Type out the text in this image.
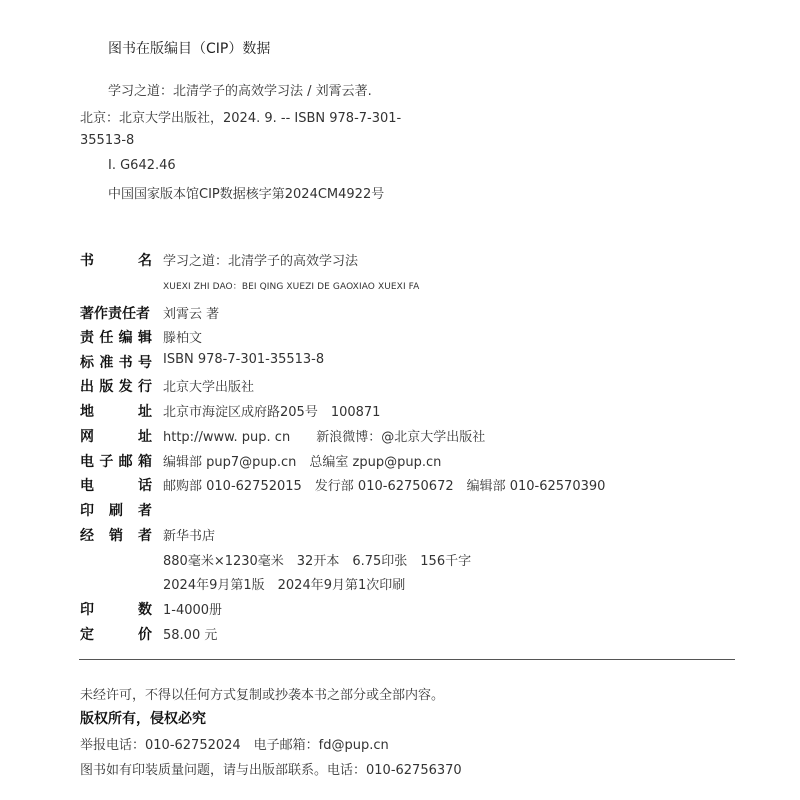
图书在版编目（CIP）数据
学习之道：北清学子的高效学习法 / 刘霄云著.
北京：北京大学出版社，2024. 9. -- ISBN 978-7-301-
35513-8
Ⅰ. G642.46
中国国家版本馆CIP数据核字第2024CM4922号
书	名 学习之道：北清学子的高效学习法
XUEXI ZHI DAO：BEI QING XUEZI DE GAOXIAO XUEXI FA
著作责任者 刘霄云 著
责 任 编 辑 滕柏文
标 准 书 号 ISBN 978-7-301-35513-8
出 版 发 行 北京大学出版社
地	址 北京市海淀区成府路205号　100871
网	址 http://www. pup. cn　　新浪微博：@北京大学出版社
电 子 邮 箱 编辑部 pup7@pup.cn　总编室 zpup@pup.cn
电	话 邮购部 010-62752015　发行部 010-62750672　编辑部 010-62570390
印 刷 者
经 销 者 新华书店
880毫米×1230毫米　32开本　6.75印张　156千字
2024年9月第1版　2024年9月第1次印刷
印	数 1-4000册
定	价 58.00 元
未经许可，不得以任何方式复制或抄袭本书之部分或全部内容。
版权所有，侵权必究
举报电话：010-62752024　电子邮箱：fd@pup.cn
图书如有印装质量问题，请与出版部联系。电话：010-62756370
